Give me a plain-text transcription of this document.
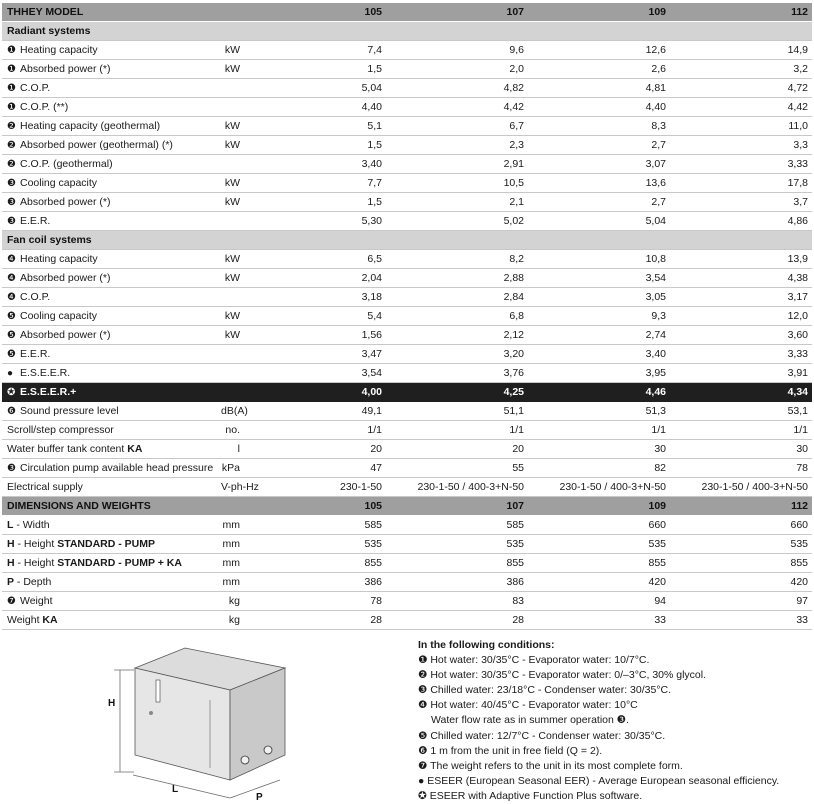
THHEY MODEL		105	107	109	112
Radiant systems					
❶ Heating capacity	kW	7,4	9,6	12,6	14,9
❶ Absorbed power (*)	kW	1,5	2,0	2,6	3,2
❶ C.O.P.		5,04	4,82	4,81	4,72
❶ C.O.P. (**)		4,40	4,42	4,40	4,42
❷ Heating capacity (geothermal)	kW	5,1	6,7	8,3	11,0
❷ Absorbed power (geothermal) (*)	kW	1,5	2,3	2,7	3,3
❷ C.O.P. (geothermal)		3,40	2,91	3,07	3,33
❸ Cooling capacity	kW	7,7	10,5	13,6	17,8
❸ Absorbed power (*)	kW	1,5	2,1	2,7	3,7
❸ E.E.R.		5,30	5,02	5,04	4,86
Fan coil systems					
❹ Heating capacity	kW	6,5	8,2	10,8	13,9
❹ Absorbed power (*)	kW	2,04	2,88	3,54	4,38
❹ C.O.P.		3,18	2,84	3,05	3,17
❺ Cooling capacity	kW	5,4	6,8	9,3	12,0
❺ Absorbed power (*)	kW	1,56	2,12	2,74	3,60
❺ E.E.R.		3,47	3,20	3,40	3,33
● E.S.E.E.R.		3,54	3,76	3,95	3,91
✪ E.S.E.E.R.+		4,00	4,25	4,46	4,34
❻ Sound pressure level	dB(A)	49,1	51,1	51,3	53,1
Scroll/step compressor	no.	1/1	1/1	1/1	1/1
Water buffer tank content KA	l	20	20	30	30
❸ Circulation pump available head pressure	kPa	47	55	82	78
Electrical supply	V-ph-Hz	230-1-50	230-1-50 / 400-3+N-50	230-1-50 / 400-3+N-50	230-1-50 / 400-3+N-50
DIMENSIONS AND WEIGHTS		105	107	109	112
L - Width	mm	585	585	660	660
H - Height STANDARD - PUMP	mm	535	535	535	535
H - Height STANDARD - PUMP + KA	mm	855	855	855	855
P - Depth	mm	386	386	420	420
❼ Weight	kg	78	83	94	97
Weight KA	kg	28	28	33	33
H
L
P
In the following conditions:
❶ Hot water: 30/35°C - Evaporator water: 10/7°C.
❷ Hot water: 30/35°C - Evaporator water: 0/–3°C, 30% glycol.
❸ Chilled water: 23/18°C - Condenser water: 30/35°C.
❹ Hot water: 40/45°C - Evaporator water: 10°C
Water flow rate as in summer operation ❸.
❺ Chilled water: 12/7°C - Condenser water: 30/35°C.
❻ 1 m from the unit in free field (Q = 2).
❼ The weight refers to the unit in its most complete form.
● ESEER (European Seasonal EER) - Average European seasonal efficiency.
✪ ESEER with Adaptive Function Plus software.
